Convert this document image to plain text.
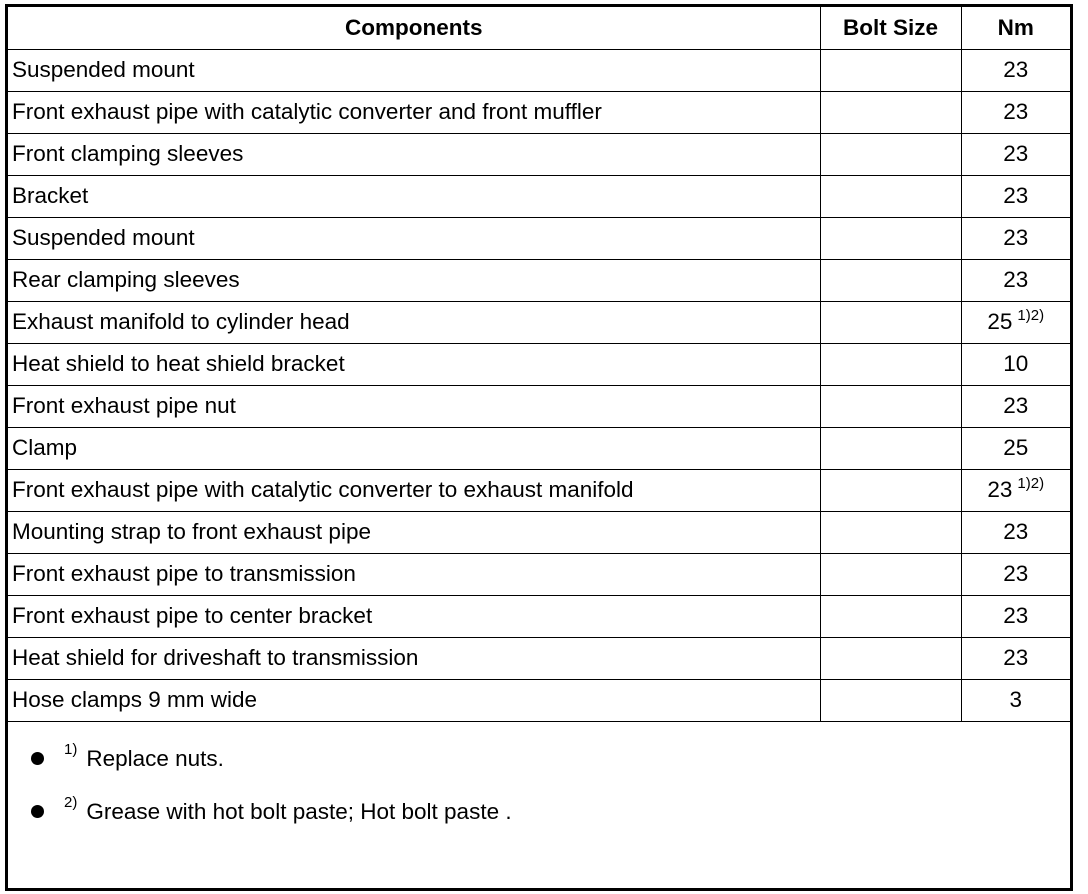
Components	Bolt Size	Nm
Suspended mount		23
Front exhaust pipe with catalytic converter and front muffler		23
Front clamping sleeves		23
Bracket		23
Suspended mount		23
Rear clamping sleeves		23
Exhaust manifold to cylinder head		25 $^{1)2)}$
Heat shield to heat shield bracket		10
Front exhaust pipe nut		23
Clamp		25
Front exhaust pipe with catalytic converter to exhaust manifold		23 $^{1)2)}$
Mounting strap to front exhaust pipe		23
Front exhaust pipe to transmission		23
Front exhaust pipe to center bracket		23
Heat shield for driveshaft to transmission		23
Hose clamps 9 mm wide		3
1) Replace nuts.
2) Grease with hot bolt paste; Hot bolt paste .
